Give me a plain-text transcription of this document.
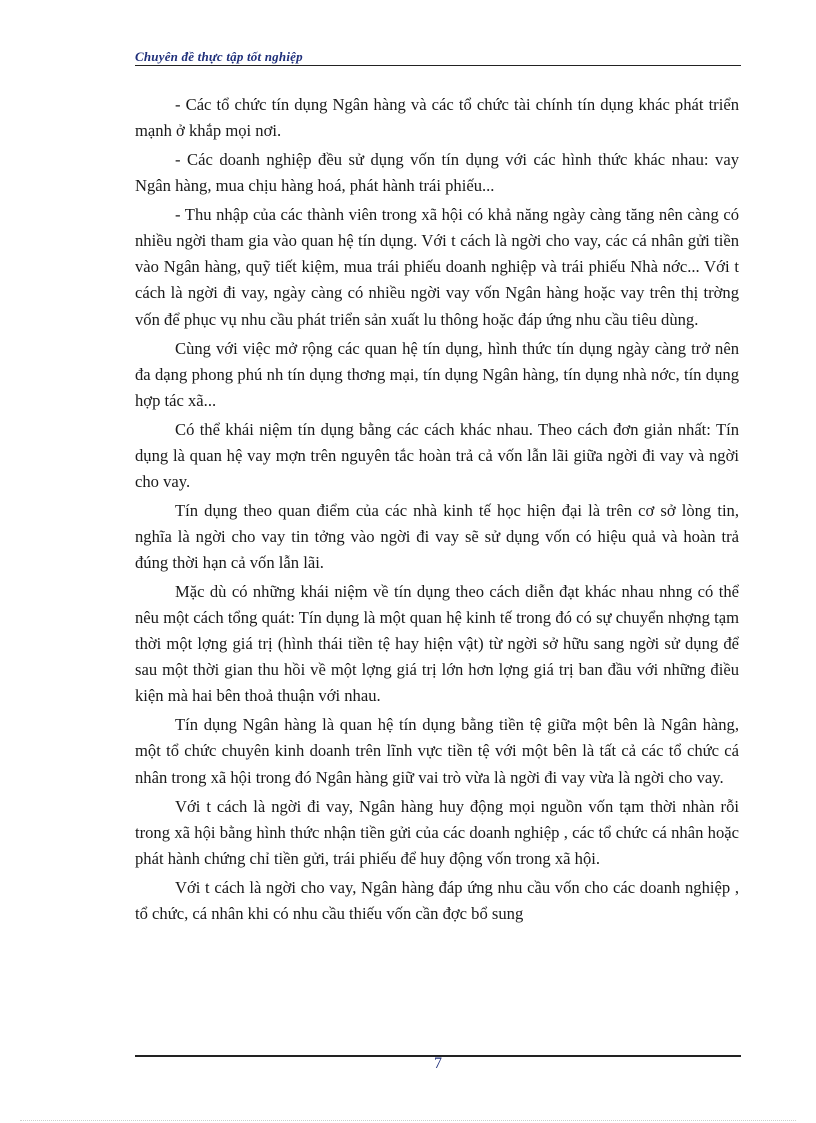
Chuyên đề thực tập tốt nghiệp

- Các tổ chức tín dụng Ngân hàng và các tổ chức tài chính tín dụng khác phát triển mạnh ở khắp mọi nơi.

- Các doanh nghiệp đều sử dụng vốn tín dụng với các hình thức khác nhau: vay Ngân hàng, mua chịu hàng hoá, phát hành trái phiếu...

- Thu nhập của các thành viên trong xã hội có khả năng ngày càng tăng nên càng có nhiều ngời tham gia vào quan hệ tín dụng. Với t cách là ngời cho vay, các cá nhân gửi tiền vào Ngân hàng, quỹ tiết kiệm, mua trái phiếu doanh nghiệp và trái phiếu Nhà nớc... Với t cách là ngời đi vay, ngày càng có nhiều ngời vay vốn Ngân hàng hoặc vay trên thị trờng vốn để phục vụ nhu cầu phát triển sản xuất lu thông hoặc đáp ứng nhu cầu tiêu dùng.

Cùng với việc mở rộng các quan hệ tín dụng, hình thức tín dụng ngày càng trở nên đa dạng phong phú nh tín dụng thơng mại, tín dụng Ngân hàng, tín dụng nhà nớc, tín dụng hợp tác xã...

Có thể khái niệm tín dụng bằng các cách khác nhau. Theo cách đơn giản nhất: Tín dụng là quan hệ vay mợn trên nguyên tắc hoàn trả cả vốn lẫn lãi giữa ngời đi vay và ngời cho vay.

Tín dụng theo quan điểm của các nhà kinh tế học hiện đại là trên cơ sở lòng tin, nghĩa là ngời cho vay tin tởng vào ngời đi vay sẽ sử dụng vốn có hiệu quả và hoàn trả đúng thời hạn cả vốn lẫn lãi.

Mặc dù có những khái niệm về tín dụng theo cách diễn đạt khác nhau nhng có thể nêu một cách tổng quát: Tín dụng là một quan hệ kinh tế trong đó có sự chuyển nhợng tạm thời một lợng giá trị (hình thái tiền tệ hay hiện vật) từ ngời sở hữu sang ngời sử dụng để sau một thời gian thu hồi về một lợng giá trị lớn hơn lợng giá trị ban đầu với những điều kiện mà hai bên thoả thuận với nhau.

Tín dụng Ngân hàng là quan hệ tín dụng bằng tiền tệ giữa một bên là Ngân hàng, một tổ chức chuyên kinh doanh trên lĩnh vực tiền tệ với một bên là tất cả các tổ chức cá nhân trong xã hội trong đó Ngân hàng giữ vai trò vừa là ngời đi vay vừa là ngời cho vay.

Với t cách là ngời đi vay, Ngân hàng huy động mọi nguồn vốn tạm thời nhàn rỗi trong xã hội bằng hình thức nhận tiền gửi của các doanh nghiệp , các tổ chức cá nhân hoặc phát hành chứng chỉ tiền gửi, trái phiếu để huy động vốn trong xã hội.

Với t cách là ngời cho vay, Ngân hàng đáp ứng nhu cầu vốn cho các doanh nghiệp , tổ chức, cá nhân khi có nhu cầu thiếu vốn cần đợc bổ sung

7
